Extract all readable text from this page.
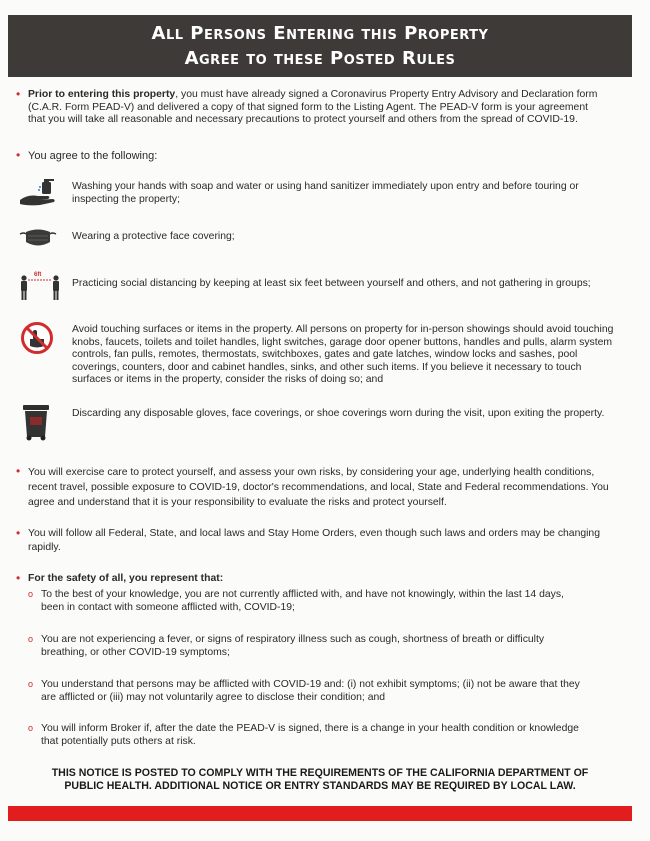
All Persons Entering this Property
Agree to these Posted Rules
• Prior to entering this property, you must have already signed a Coronavirus Property Entry Advisory and Declaration form (C.A.R. Form PEAD-V) and delivered a copy of that signed form to the Listing Agent. The PEAD-V form is your agreement that you will take all reasonable and necessary precautions to protect yourself and others from the spread of COVID-19.
• You agree to the following:
Washing your hands with soap and water or using hand sanitizer immediately upon entry and before touring or inspecting the property;
Wearing a protective face covering;
6ft
Practicing social distancing by keeping at least six feet between yourself and others, and not gathering in groups;
Avoid touching surfaces or items in the property. All persons on property for in-person showings should avoid touching knobs, faucets, toilets and toilet handles, light switches, garage door opener buttons, handles and pulls, alarm system controls, fan pulls, remotes, thermostats, switchboxes, gates and gate latches, window locks and sashes, pool coverings, counters, door and cabinet handles, sinks, and other such items. If you believe it necessary to touch surfaces or items in the property, consider the risks of doing so; and
Discarding any disposable gloves, face coverings, or shoe coverings worn during the visit, upon exiting the property.
• You will exercise care to protect yourself, and assess your own risks, by considering your age, underlying health conditions, recent travel, possible exposure to COVID-19, doctor's recommendations, and local, State and Federal recommendations. You agree and understand that it is your responsibility to evaluate the risks and protect yourself.
• You will follow all Federal, State, and local laws and Stay Home Orders, even though such laws and orders may be changing rapidly.
• For the safety of all, you represent that:
o To the best of your knowledge, you are not currently afflicted with, and have not knowingly, within the last 14 days, been in contact with someone afflicted with, COVID-19;
o You are not experiencing a fever, or signs of respiratory illness such as cough, shortness of breath or difficulty breathing, or other COVID-19 symptoms;
o You understand that persons may be afflicted with COVID-19 and: (i) not exhibit symptoms; (ii) not be aware that they are afflicted or (iii) may not voluntarily agree to disclose their condition; and
o You will inform Broker if, after the date the PEAD-V is signed, there is a change in your health condition or knowledge that potentially puts others at risk.
THIS NOTICE IS POSTED TO COMPLY WITH THE REQUIREMENTS OF THE CALIFORNIA DEPARTMENT OF
PUBLIC HEALTH. ADDITIONAL NOTICE OR ENTRY STANDARDS MAY BE REQUIRED BY LOCAL LAW.
